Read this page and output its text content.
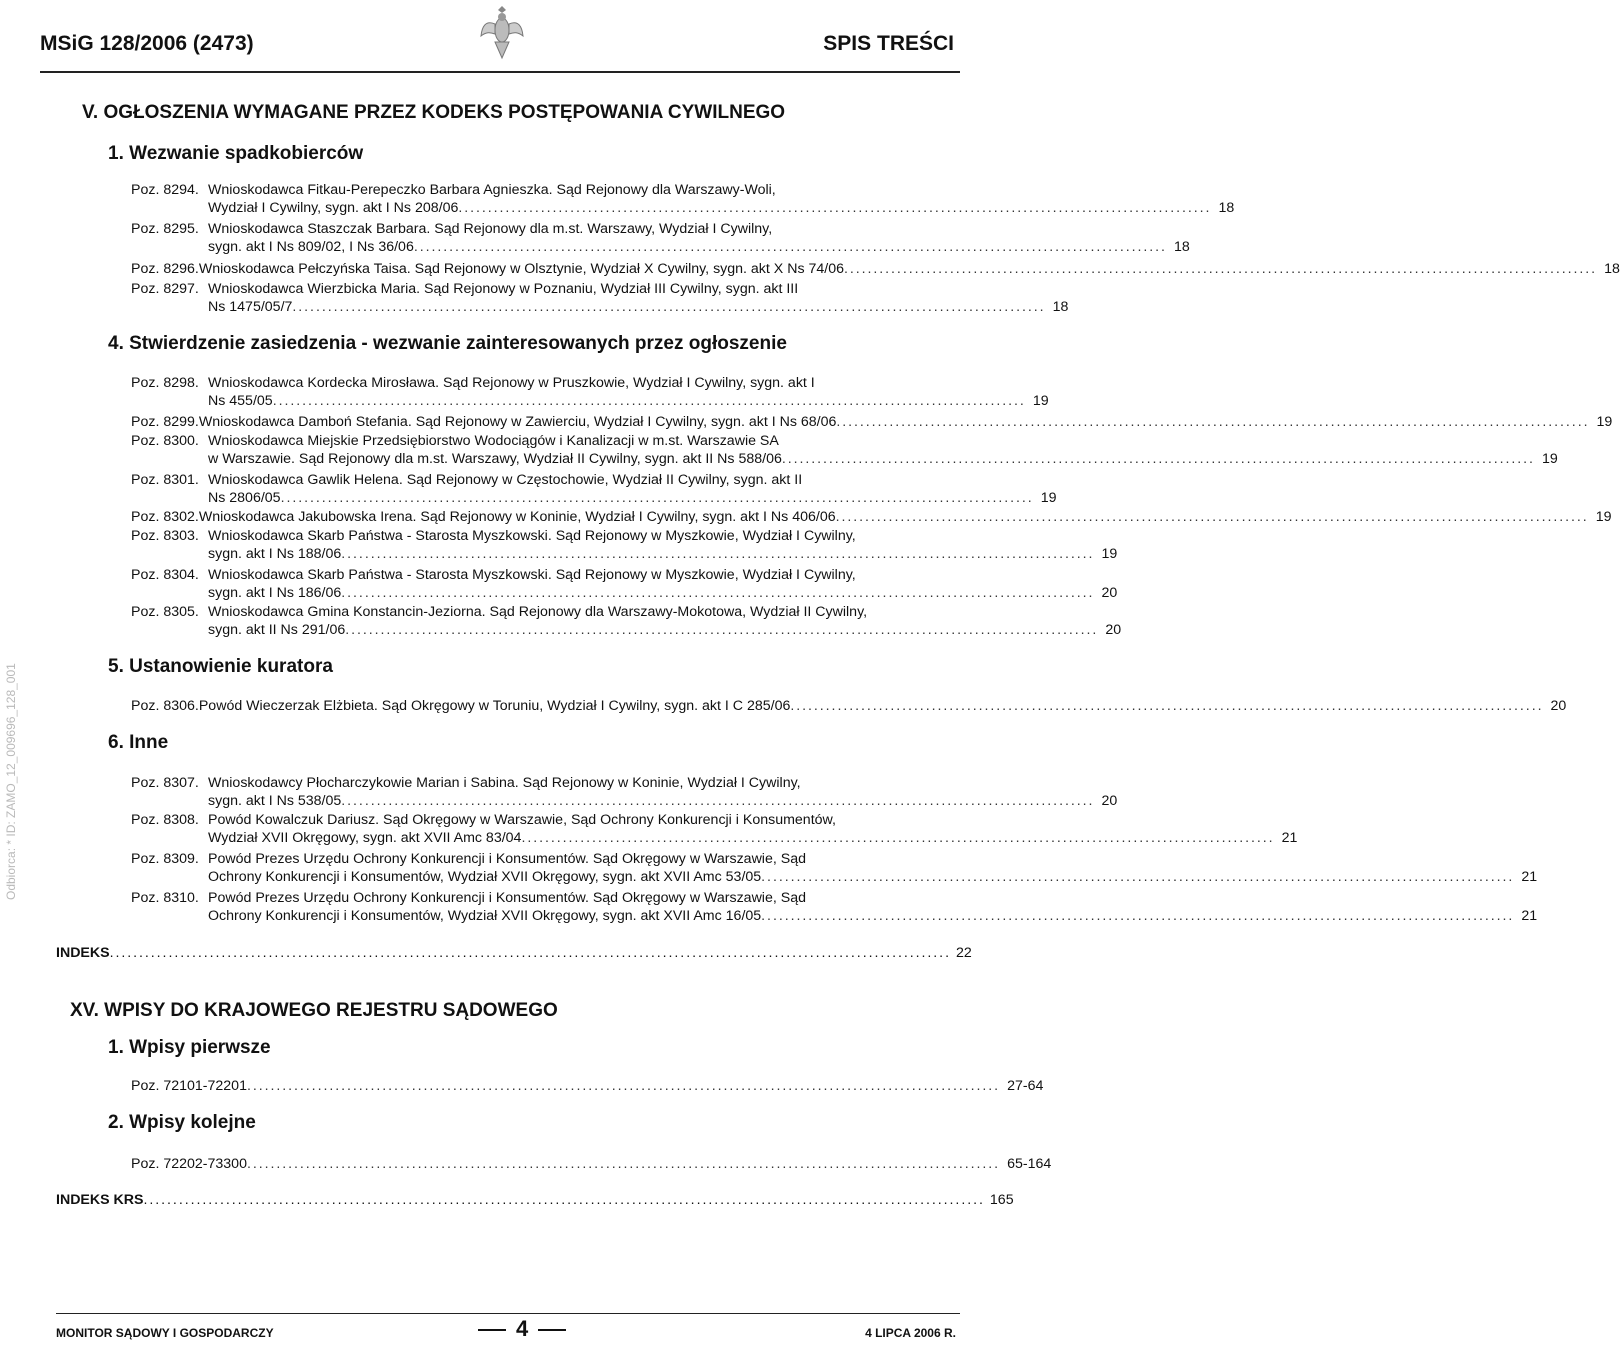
MSiG 128/2006 (2473)	SPIS TREŚCI
Odbiorca: * ID: ZAMO_12_009696_128_001
V. OGŁOSZENIA WYMAGANE PRZEZ KODEKS POSTĘPOWANIA CYWILNEGO
1. Wezwanie spadkobierców
Poz. 8294. Wnioskodawca Fitkau-Perepeczko Barbara Agnieszka. Sąd Rejonowy dla Warszawy-Woli,
Wydział I Cywilny, sygn. akt I Ns 208/06 . . .	18
Poz. 8295. Wnioskodawca Staszczak Barbara. Sąd Rejonowy dla m.st. Warszawy, Wydział I Cywilny,
sygn. akt I Ns 809/02, I Ns 36/06 . . .	18
Poz. 8296. Wnioskodawca Pełczyńska Taisa. Sąd Rejonowy w Olsztynie, Wydział X Cywilny, sygn. akt X Ns 74/06 . . .	18
Poz. 8297. Wnioskodawca Wierzbicka Maria. Sąd Rejonowy w Poznaniu, Wydział III Cywilny, sygn. akt III
Ns 1475/05/7 . . .	18
4. Stwierdzenie zasiedzenia - wezwanie zainteresowanych przez ogłoszenie
Poz. 8298. Wnioskodawca Kordecka Mirosława. Sąd Rejonowy w Pruszkowie, Wydział I Cywilny, sygn. akt I
Ns 455/05 . . .	19
Poz. 8299. Wnioskodawca Damboń Stefania. Sąd Rejonowy w Zawierciu, Wydział I Cywilny, sygn. akt I Ns 68/06 . . .	19
Poz. 8300. Wnioskodawca Miejskie Przedsiębiorstwo Wodociągów i Kanalizacji w m.st. Warszawie SA
w Warszawie. Sąd Rejonowy dla m.st. Warszawy, Wydział II Cywilny, sygn. akt II Ns 588/06 . . .	19
Poz. 8301. Wnioskodawca Gawlik Helena. Sąd Rejonowy w Częstochowie, Wydział II Cywilny, sygn. akt II
Ns 2806/05 . . .	19
Poz. 8302. Wnioskodawca Jakubowska Irena. Sąd Rejonowy w Koninie, Wydział I Cywilny, sygn. akt I Ns 406/06 . . .	19
Poz. 8303. Wnioskodawca Skarb Państwa - Starosta Myszkowski. Sąd Rejonowy w Myszkowie, Wydział I Cywilny,
sygn. akt I Ns 188/06 . . .	19
Poz. 8304. Wnioskodawca Skarb Państwa - Starosta Myszkowski. Sąd Rejonowy w Myszkowie, Wydział I Cywilny,
sygn. akt I Ns 186/06 . . .	20
Poz. 8305. Wnioskodawca Gmina Konstancin-Jeziorna. Sąd Rejonowy dla Warszawy-Mokotowa, Wydział II Cywilny,
sygn. akt II Ns 291/06 . . .	20
5. Ustanowienie kuratora
Poz. 8306. Powód Wieczerzak Elżbieta. Sąd Okręgowy w Toruniu, Wydział I Cywilny, sygn. akt I C 285/06 . . .	20
6. Inne
Poz. 8307. Wnioskodawcy Płocharczykowie Marian i Sabina. Sąd Rejonowy w Koninie, Wydział I Cywilny,
sygn. akt I Ns 538/05 . . .	20
Poz. 8308. Powód Kowalczuk Dariusz. Sąd Okręgowy w Warszawie, Sąd Ochrony Konkurencji i Konsumentów,
Wydział XVII Okręgowy, sygn. akt XVII Amc 83/04 . . .	21
Poz. 8309. Powód Prezes Urzędu Ochrony Konkurencji i Konsumentów. Sąd Okręgowy w Warszawie, Sąd
Ochrony Konkurencji i Konsumentów, Wydział XVII Okręgowy, sygn. akt XVII Amc 53/05 . . .	21
Poz. 8310. Powód Prezes Urzędu Ochrony Konkurencji i Konsumentów. Sąd Okręgowy w Warszawie, Sąd
Ochrony Konkurencji i Konsumentów, Wydział XVII Okręgowy, sygn. akt XVII Amc 16/05 . . .	21
INDEKS . . .	22
XV. WPISY DO KRAJOWEGO REJESTRU SĄDOWEGO
1. Wpisy pierwsze
Poz. 72101-72201 . . .	27-64
2. Wpisy kolejne
Poz. 72202-73300 . . .	65-164
INDEKS KRS . . .	165
MONITOR SĄDOWY I GOSPODARCZY	4	4 LIPCA 2006 R.
